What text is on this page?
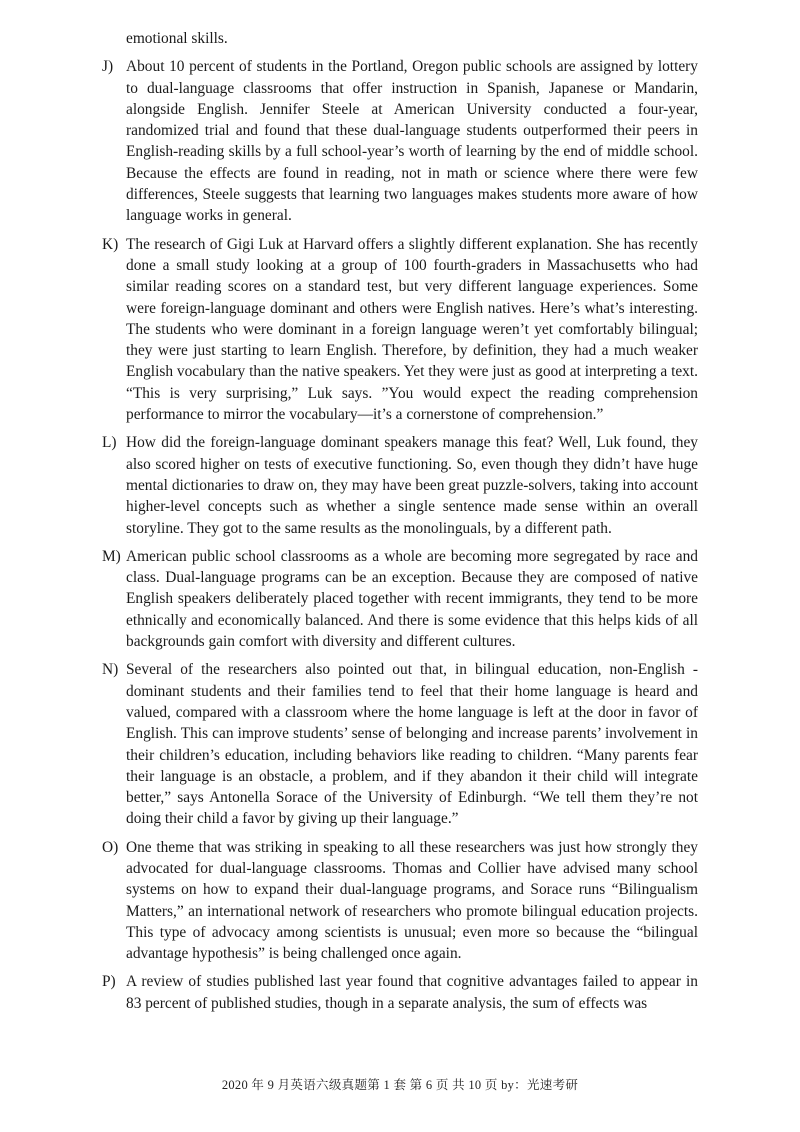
emotional skills.

J) About 10 percent of students in the Portland, Oregon public schools are assigned by lottery to dual-language classrooms that offer instruction in Spanish, Japanese or Mandarin, alongside English. Jennifer Steele at American University conducted a four-year, randomized trial and found that these dual-language students outperformed their peers in English-reading skills by a full school-year’s worth of learning by the end of middle school. Because the effects are found in reading, not in math or science where there were few differences, Steele suggests that learning two languages makes students more aware of how language works in general.
K) The research of Gigi Luk at Harvard offers a slightly different explanation. She has recently done a small study looking at a group of 100 fourth-graders in Massachusetts who had similar reading scores on a standard test, but very different language experiences. Some were foreign-language dominant and others were English natives. Here’s what’s interesting. The students who were dominant in a foreign language weren’t yet comfortably bilingual; they were just starting to learn English. Therefore, by definition, they had a much weaker English vocabulary than the native speakers. Yet they were just as good at interpreting a text. “This is very surprising,” Luk says. ”You would expect the reading comprehension performance to mirror the vocabulary—it’s a cornerstone of comprehension.”
L) How did the foreign-language dominant speakers manage this feat? Well, Luk found, they also scored higher on tests of executive functioning. So, even though they didn’t have huge mental dictionaries to draw on, they may have been great puzzle-solvers, taking into account higher-level concepts such as whether a single sentence made sense within an overall storyline. They got to the same results as the monolinguals, by a different path.
M) American public school classrooms as a whole are becoming more segregated by race and class. Dual-language programs can be an exception. Because they are composed of native English speakers deliberately placed together with recent immigrants, they tend to be more ethnically and economically balanced. And there is some evidence that this helps kids of all backgrounds gain comfort with diversity and different cultures.
N) Several of the researchers also pointed out that, in bilingual education, non-English -dominant students and their families tend to feel that their home language is heard and valued, compared with a classroom where the home language is left at the door in favor of English. This can improve students’ sense of belonging and increase parents’ involvement in their children’s education, including behaviors like reading to children. “Many parents fear their language is an obstacle, a problem, and if they abandon it their child will integrate better,” says Antonella Sorace of the University of Edinburgh. “We tell them they’re not doing their child a favor by giving up their language.”
O) One theme that was striking in speaking to all these researchers was just how strongly they advocated for dual-language classrooms. Thomas and Collier have advised many school systems on how to expand their dual-language programs, and Sorace runs “Bilingualism Matters,” an international network of researchers who promote bilingual education projects. This type of advocacy among scientists is unusual; even more so because the “bilingual advantage hypothesis” is being challenged once again.
P) A review of studies published last year found that cognitive advantages failed to appear in 83 percent of published studies, though in a separate analysis, the sum of effects was
2020 年 9 月英语六级真题第 1 套 第 6 页 共 10 页 by：光速考研
